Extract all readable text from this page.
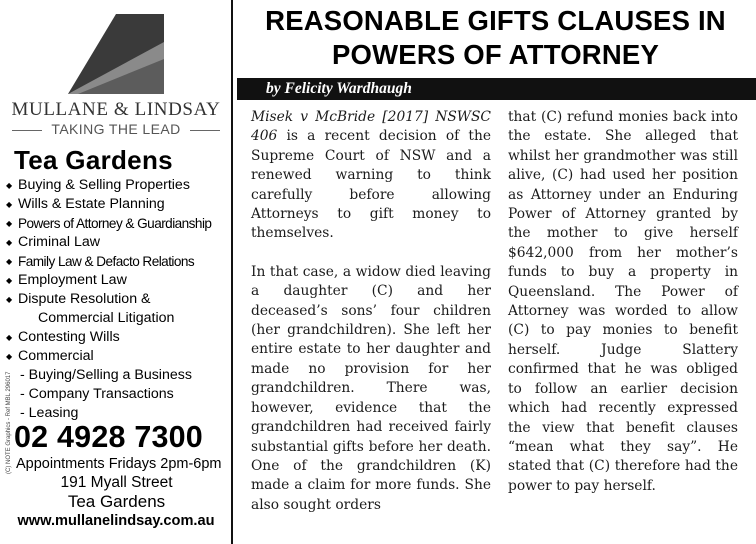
MULLANE & LINDSAY
TAKING THE LEAD
Tea Gardens
◆ Buying & Selling Properties
◆ Wills & Estate Planning
◆ Powers of Attorney & Guardianship
◆ Criminal Law
◆ Family Law & Defacto Relations
◆ Employment Law
◆ Dispute Resolution &
Commercial Litigation
◆ Contesting Wills
◆ Commercial
- Buying/Selling a Business
- Company Transactions
- Leasing
(C) NOTE Graphics - Ref MBL 296017 02 4928 7300
Appointments Fridays 2pm-6pm
191 Myall Street
Tea Gardens
www.mullanelindsay.com.au
REASONABLE GIFTS CLAUSES IN
POWERS OF ATTORNEY
by Felicity Wardhaugh

Misek v McBride [2017] NSWSC 406 is a recent decision of the Supreme Court of NSW and a renewed warning to think carefully before allowing Attorneys to gift money to themselves.

In that case, a widow died leaving a daughter (C) and her deceased’s sons’ four children (her grandchildren). She left her entire estate to her daughter and made no provision for her grandchildren. There was, however, evidence that the grandchildren had received fairly substantial gifts before her death. One of the grandchildren (K) made a claim for more funds. She also sought orders

that (C) refund monies back into the estate. She alleged that whilst her grandmother was still alive, (C) had used her position as Attorney under an Enduring Power of Attorney granted by the mother to give herself $642,000 from her mother’s funds to buy a property in Queensland. The Power of Attorney was worded to allow (C) to pay monies to benefit herself. Judge Slattery confirmed that he was obliged to follow an earlier decision which had recently expressed the view that benefit clauses “mean what they say”. He stated that (C) therefore had the power to pay herself.
